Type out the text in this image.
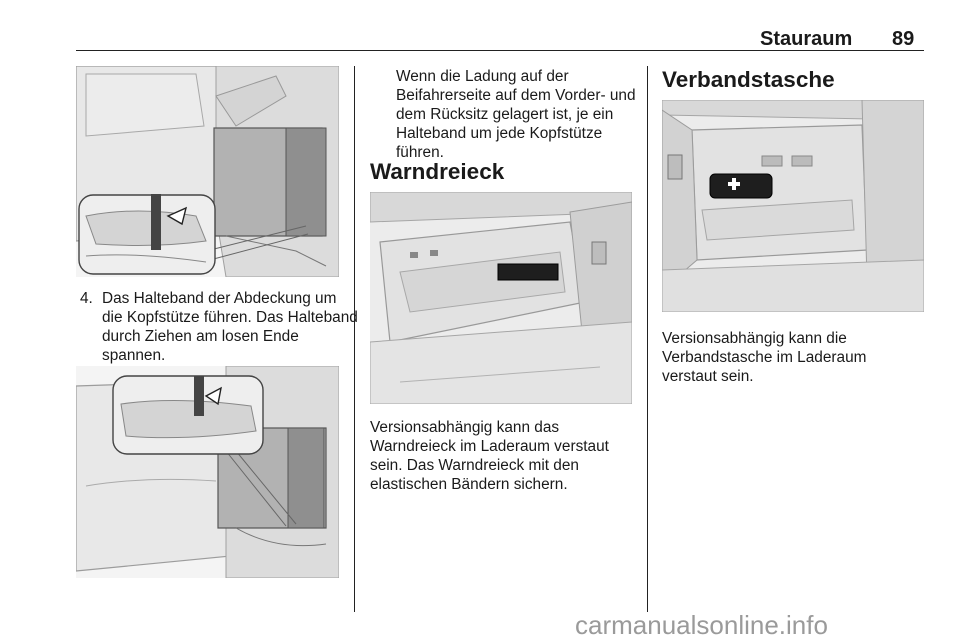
Stauraum 89
4. Das Halteband der Abdeckung um die Kopfstütze führen. Das Halteband durch Ziehen am losen Ende spannen.
Wenn die Ladung auf der Beifahrerseite auf dem Vorder- und dem Rücksitz gelagert ist, je ein Halteband um jede Kopfstütze führen.
Warndreieck
Versionsabhängig kann das Warndreieck im Laderaum verstaut sein. Das Warndreieck mit den elastischen Bändern sichern.
Verbandstasche
Versionsabhängig kann die Verbandstasche im Laderaum verstaut sein.
carmanualsonline.info
